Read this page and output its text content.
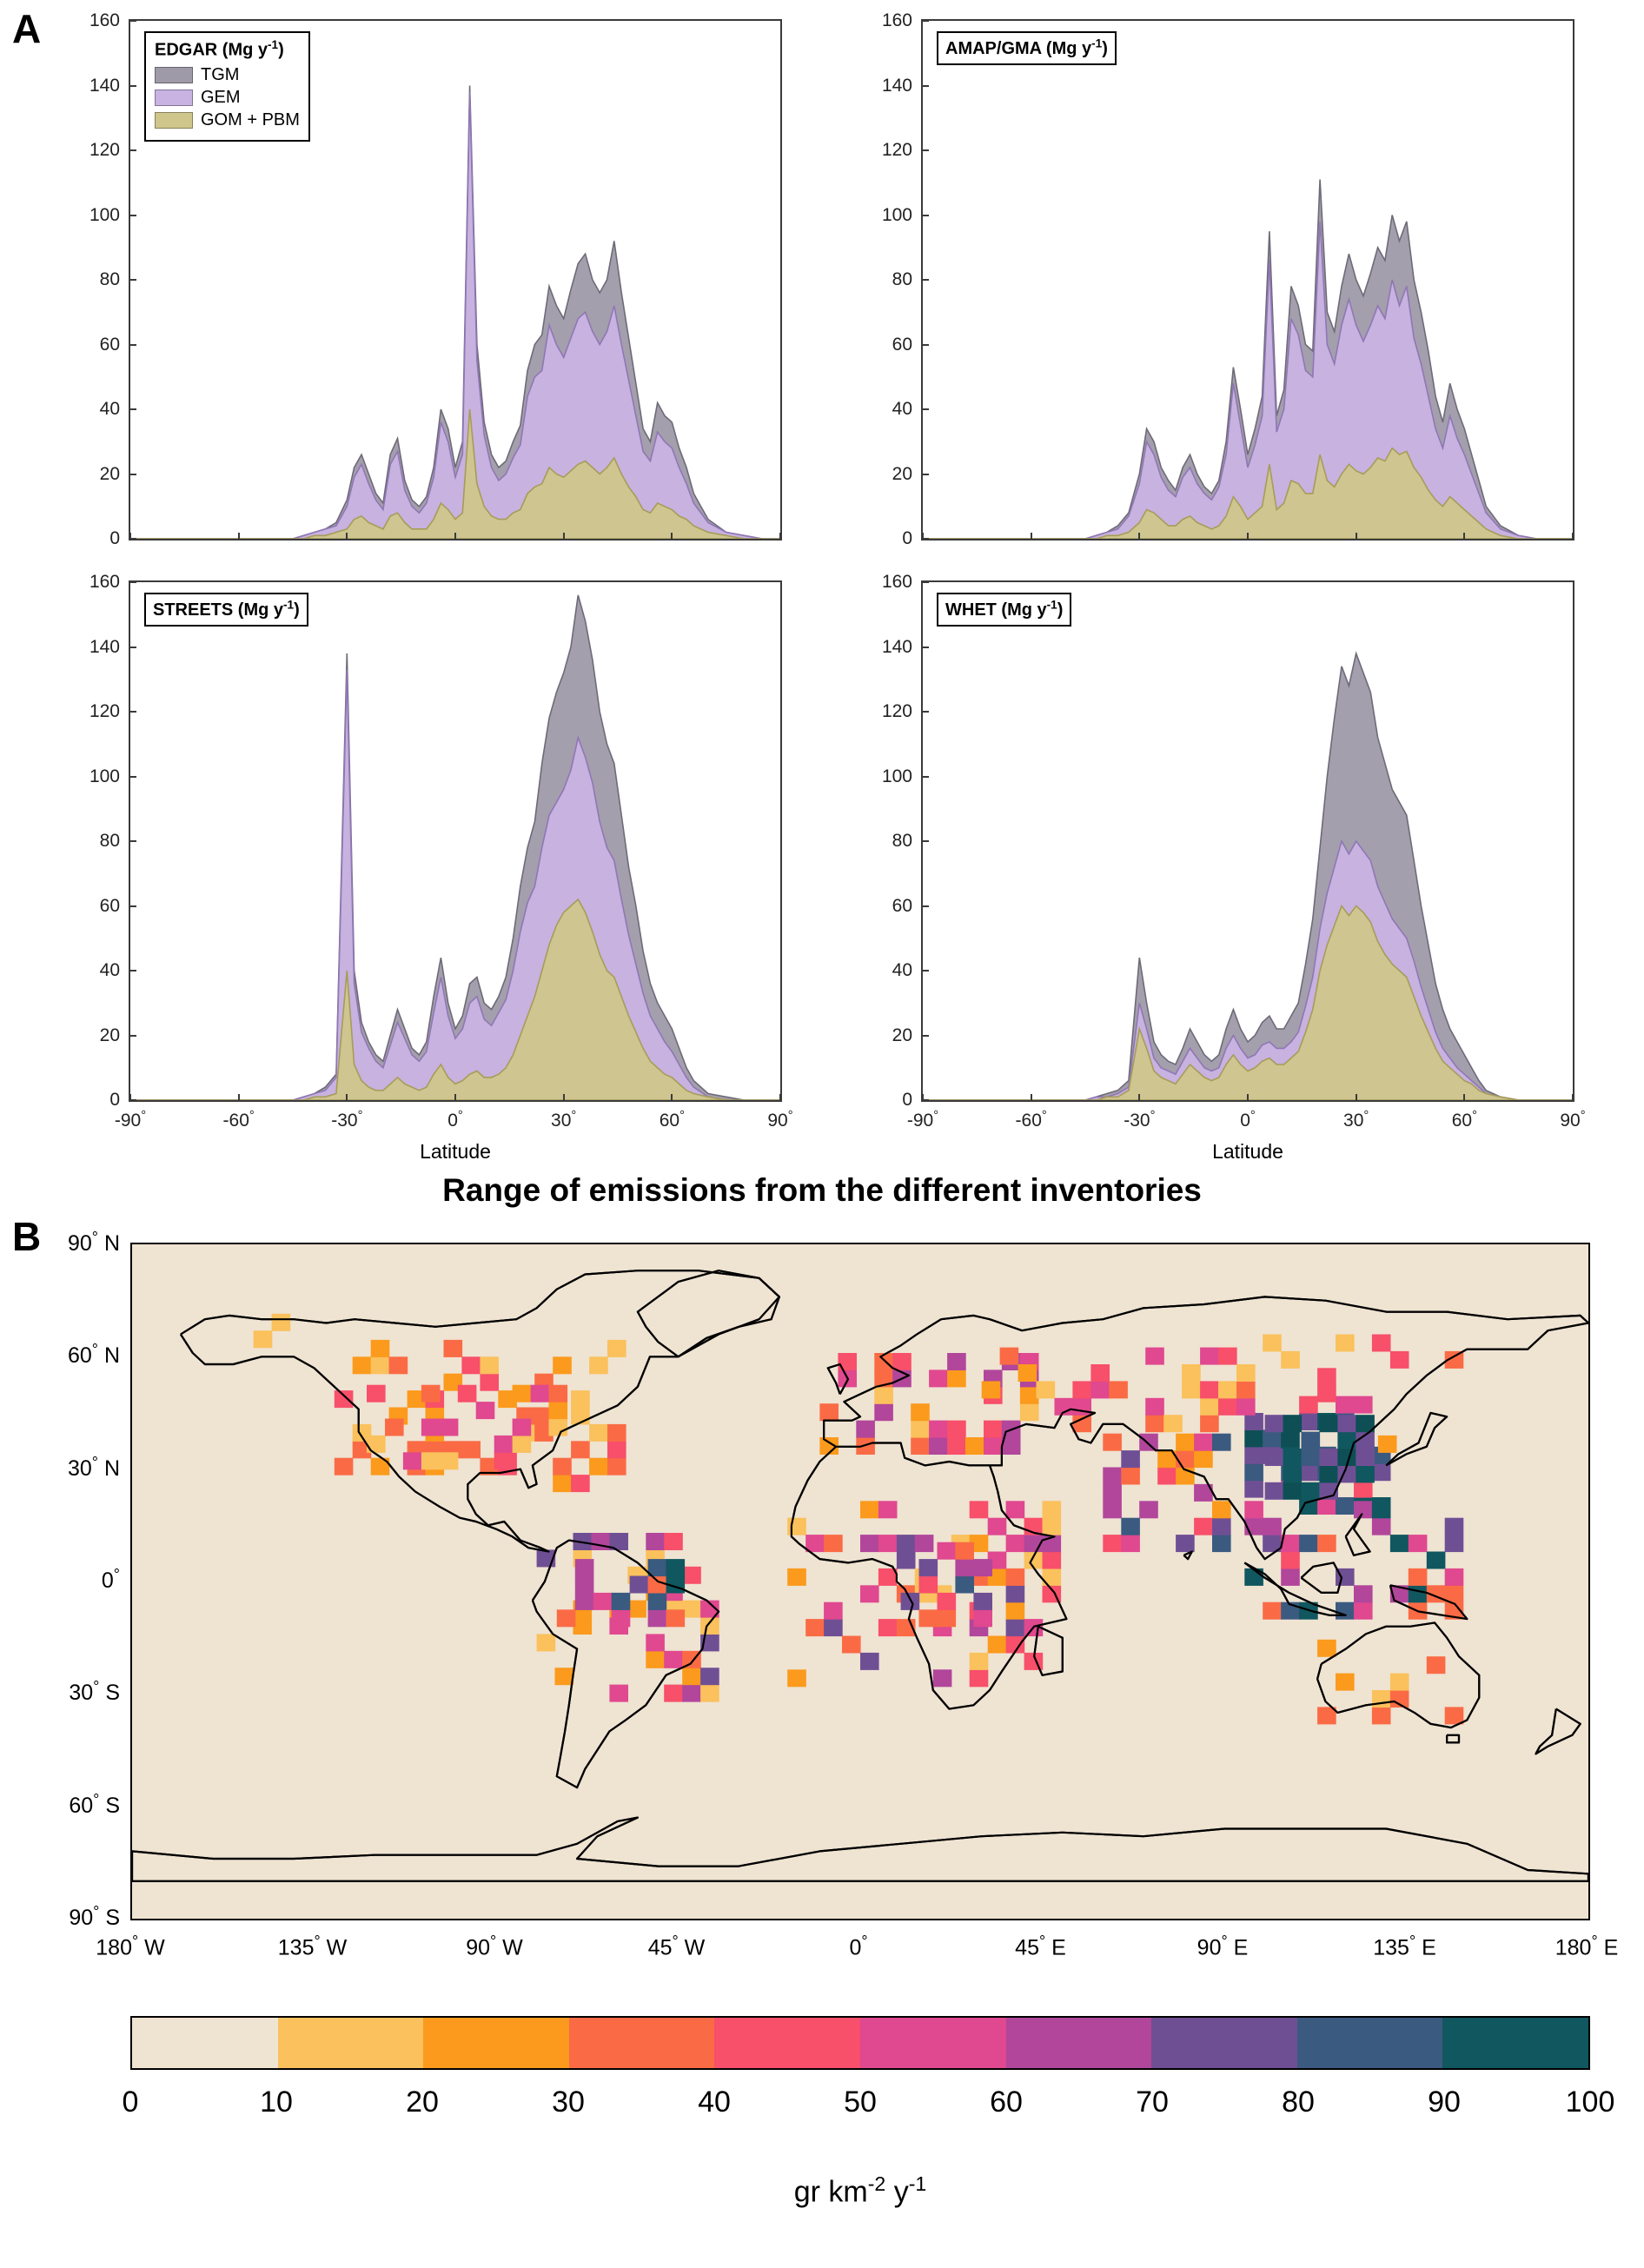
A
B
0
20
40
60
80
100
120
140
160
AMAP/GMA (Mg $y^{-1}$)
0
20
40
60
80
100
120
140
160
STREETS (Mg $y^{-1}$)
0
20
40
60
80
100
120
140
160
-90°	-60°	-30°	0°	30°	60°	90°
Latitude
WHET (Mg $y^{-1}$)
0
20
40
60
80
100
120
140
160
-90°	-60°	-30°	0°	30°	60°	90°
Latitude
EDGAR (Mg $y^{-1}$)
TGM
GEM
GOM + PBM
Range of emissions from the different inventories
90° N
60° N
30° N
0°
30° S
60° S
90° S
180° W	135° W	90° W	45° W	0°	45° E	90° E	135° E	180° E
0	10	20	30	40	50	60	70	80	90	100
gr $km^{-2}$ $y^{-1}$
